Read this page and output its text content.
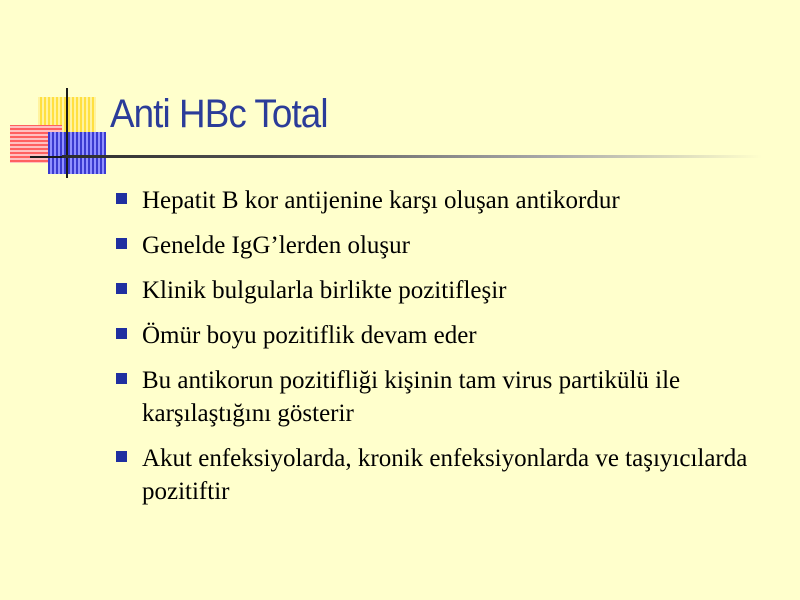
Anti HBc Total
Hepatit B kor antijenine karşı oluşan antikordur
Genelde IgG’lerden oluşur
Klinik bulgularla birlikte pozitifleşir
Ömür boyu pozitiflik devam eder
Bu antikorun pozitifliği kişinin tam virus partikülü ile karşılaştığını gösterir
Akut enfeksiyolarda, kronik enfeksiyonlarda ve taşıyıcılarda pozitiftir
